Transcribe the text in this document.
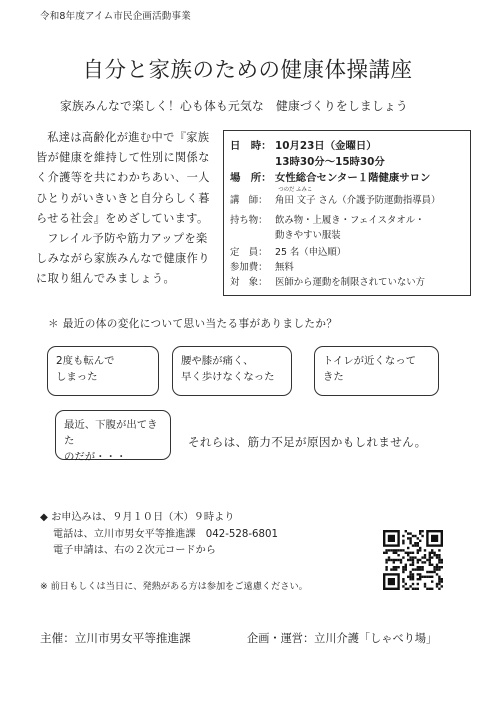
令和8年度アイム市民企画活動事業
自分と家族のための健康体操講座
家族みんなで楽しく！心も体も元気な　健康づくりをしましょう

私達は高齢化が進む中で『家族皆が健康を維持して性別に関係なく介護等を共にわかちあい、一人ひとりがいきいきと自分らしく暮らせる社会』をめざしています。

フレイル予防や筋力アップを楽しみながら家族みんなで健康作りに取り組んでみましょう。

日　時： 10月23日（金曜日）
13時30分～15時30分
場　所： 女性総合センター１階健康サロン
講　師：
つのだ ふみこ
角田 文子 さん（介護予防運動指導員）
持ち物： 飲み物・上履き・フェイスタオル・
動きやすい服装
定　員： 25 名（申込順）
参加費： 無料
対　象： 医師から運動を制限されていない方
＊ 最近の体の変化について思い当たる事がありましたか？
2度も転んで
しまった
腰や膝が痛く、
早く歩けなくなった
トイレが近くなって
きた
最近、下腹が出てきた
のだが・・・
それらは、筋力不足が原因かもしれません。
◆ お申込みは、９月１０日（木）９時より
電話は、立川市男女平等推進課　042-528-6801
電子申請は、右の２次元コードから
※ 前日もしくは当日に、発熱がある方は参加をご遠慮ください。
主催：立川市男女平等推進課	企画・運営：立川介護「しゃべり場」
